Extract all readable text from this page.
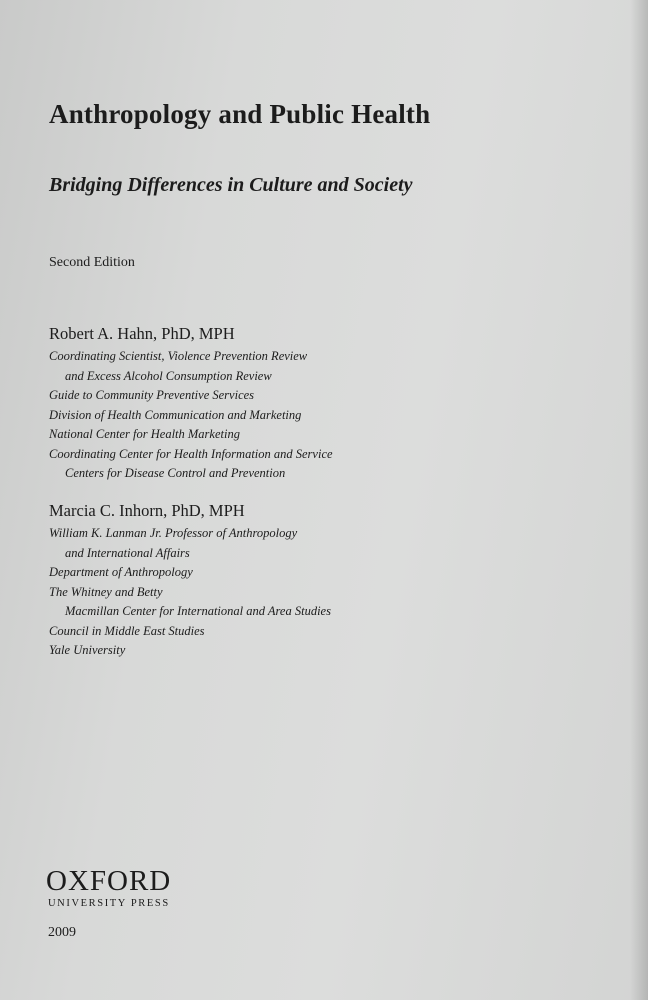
Anthropology and Public Health
Bridging Differences in Culture and Society

Second Edition

Robert A. Hahn, PhD, MPH

Coordinating Scientist, Violence Prevention Review

and Excess Alcohol Consumption Review

Guide to Community Preventive Services

Division of Health Communication and Marketing

National Center for Health Marketing

Coordinating Center for Health Information and Service

Centers for Disease Control and Prevention

Marcia C. Inhorn, PhD, MPH

William K. Lanman Jr. Professor of Anthropology

and International Affairs

Department of Anthropology

The Whitney and Betty

Macmillan Center for International and Area Studies

Council in Middle East Studies

Yale University

OXFORD

UNIVERSITY PRESS

2009
